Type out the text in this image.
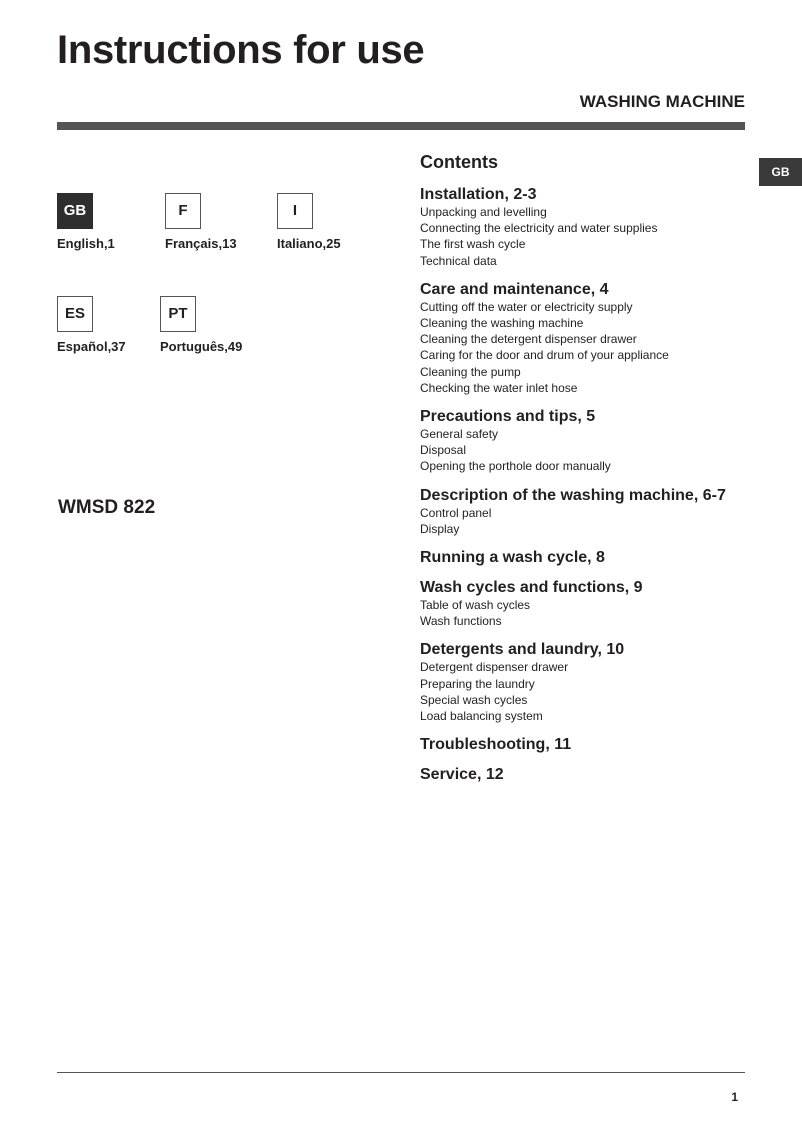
Instructions for use
WASHING MACHINE
GB
GB
English,1
F
Français,13
I
Italiano,25
ES
Español,37
PT
Português,49
WMSD 822
Contents
Installation, 2-3
Unpacking and levelling
Connecting the electricity and water supplies
The first wash cycle
Technical data
Care and maintenance, 4
Cutting off the water or electricity supply
Cleaning the washing machine
Cleaning the detergent dispenser drawer
Caring for the door and drum of your appliance
Cleaning the pump
Checking the water inlet hose
Precautions and tips, 5
General safety
Disposal
Opening the porthole door manually
Description of the washing machine, 6-7
Control panel
Display
Running a wash cycle, 8
Wash cycles and functions, 9
Table of wash cycles
Wash functions
Detergents and laundry, 10
Detergent dispenser drawer
Preparing the laundry
Special wash cycles
Load balancing system
Troubleshooting, 11
Service, 12
1
